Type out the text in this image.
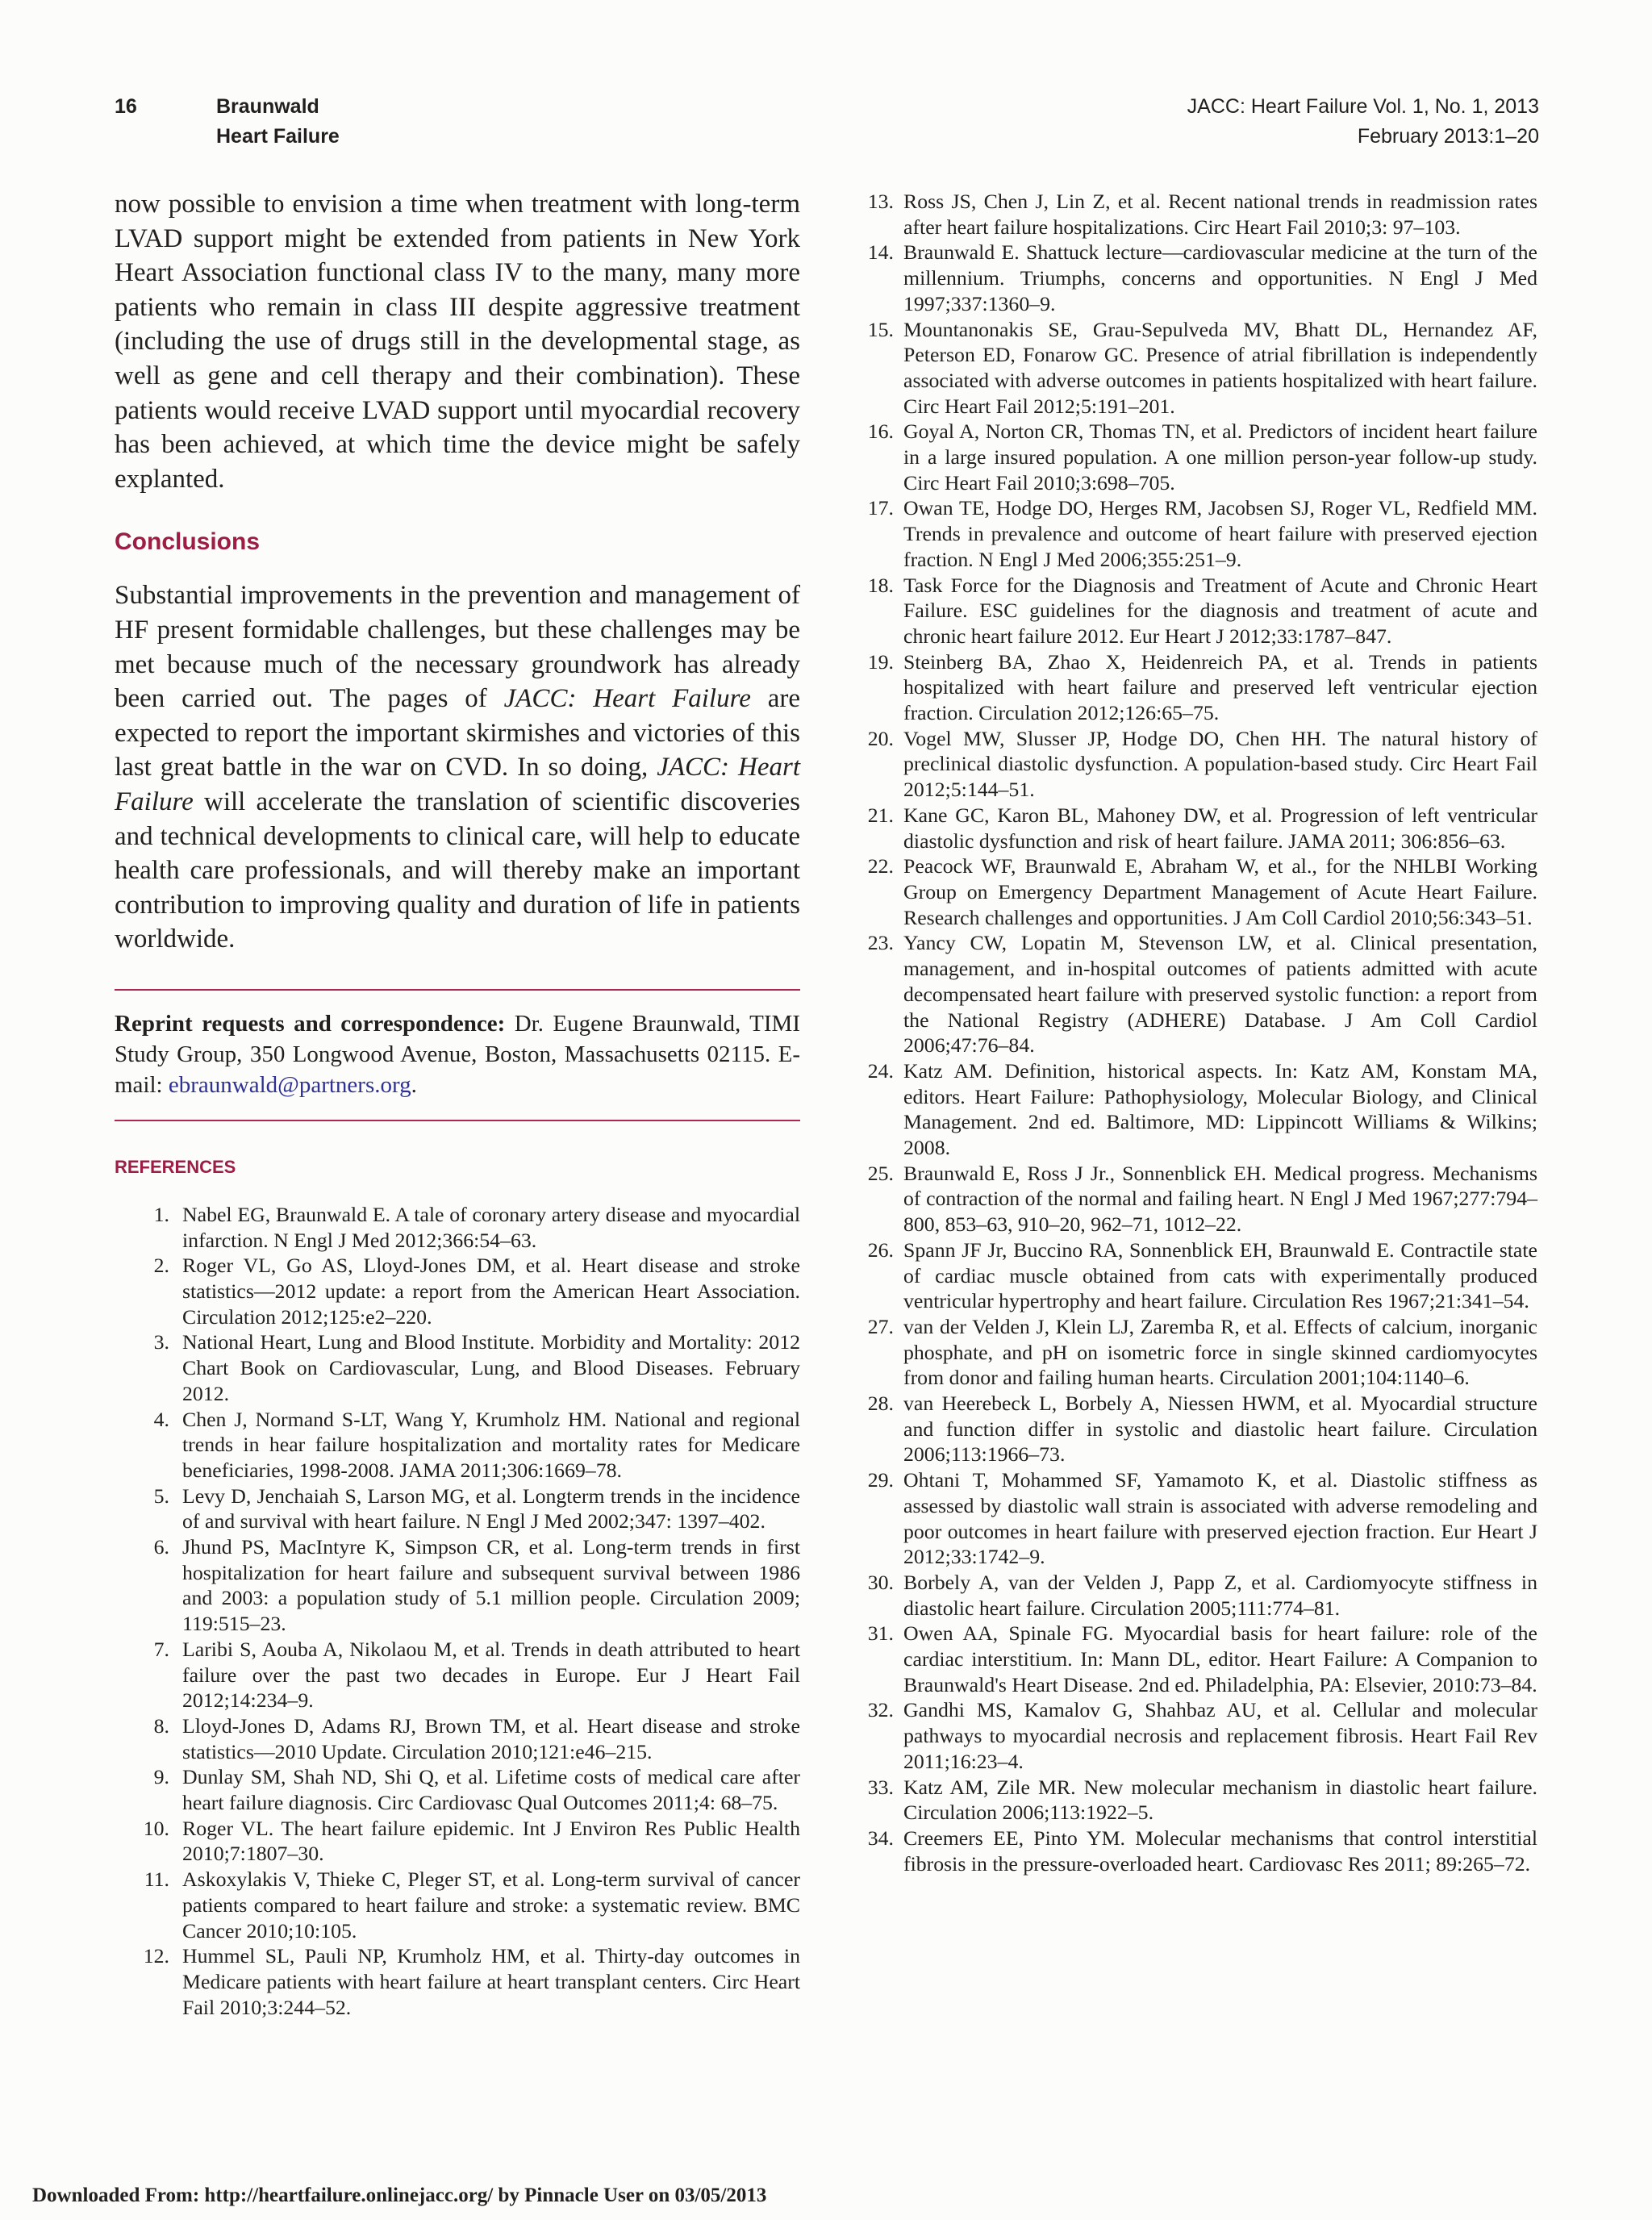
16	Braunwald
Heart Failure
JACC: Heart Failure Vol. 1, No. 1, 2013
February 2013:1–20

now possible to envision a time when treatment with long-term LVAD support might be extended from patients in New York Heart Association functional class IV to the many, many more patients who remain in class III despite aggressive treatment (including the use of drugs still in the developmental stage, as well as gene and cell therapy and their combination). These patients would receive LVAD support until myocardial recovery has been achieved, at which time the device might be safely explanted.

Conclusions

Substantial improvements in the prevention and management of HF present formidable challenges, but these challenges may be met because much of the necessary groundwork has already been carried out. The pages of JACC: Heart Failure are expected to report the important skirmishes and victories of this last great battle in the war on CVD. In so doing, JACC: Heart Failure will accelerate the translation of scientific discoveries and technical developments to clinical care, will help to educate health care professionals, and will thereby make an important contribution to improving quality and duration of life in patients worldwide.

Reprint requests and correspondence: Dr. Eugene Braunwald, TIMI Study Group, 350 Longwood Avenue, Boston, Massachusetts 02115. E-mail: ebraunwald@partners.org.

REFERENCES
1. Nabel EG, Braunwald E. A tale of coronary artery disease and myocardial infarction. N Engl J Med 2012;366:54–63.
2. Roger VL, Go AS, Lloyd-Jones DM, et al. Heart disease and stroke statistics—2012 update: a report from the American Heart Association. Circulation 2012;125:e2–220.
3. National Heart, Lung and Blood Institute. Morbidity and Mortality: 2012 Chart Book on Cardiovascular, Lung, and Blood Diseases. February 2012.
4. Chen J, Normand S-LT, Wang Y, Krumholz HM. National and regional trends in hear failure hospitalization and mortality rates for Medicare beneficiaries, 1998-2008. JAMA 2011;306:1669–78.
5. Levy D, Jenchaiah S, Larson MG, et al. Longterm trends in the incidence of and survival with heart failure. N Engl J Med 2002;347: 1397–402.
6. Jhund PS, MacIntyre K, Simpson CR, et al. Long-term trends in first hospitalization for heart failure and subsequent survival between 1986 and 2003: a population study of 5.1 million people. Circulation 2009; 119:515–23.
7. Laribi S, Aouba A, Nikolaou M, et al. Trends in death attributed to heart failure over the past two decades in Europe. Eur J Heart Fail 2012;14:234–9.
8. Lloyd-Jones D, Adams RJ, Brown TM, et al. Heart disease and stroke statistics—2010 Update. Circulation 2010;121:e46–215.
9. Dunlay SM, Shah ND, Shi Q, et al. Lifetime costs of medical care after heart failure diagnosis. Circ Cardiovasc Qual Outcomes 2011;4: 68–75.
10. Roger VL. The heart failure epidemic. Int J Environ Res Public Health 2010;7:1807–30.
11. Askoxylakis V, Thieke C, Pleger ST, et al. Long-term survival of cancer patients compared to heart failure and stroke: a systematic review. BMC Cancer 2010;10:105.
12. Hummel SL, Pauli NP, Krumholz HM, et al. Thirty-day outcomes in Medicare patients with heart failure at heart transplant centers. Circ Heart Fail 2010;3:244–52.
13. Ross JS, Chen J, Lin Z, et al. Recent national trends in readmission rates after heart failure hospitalizations. Circ Heart Fail 2010;3: 97–103.
14. Braunwald E. Shattuck lecture—cardiovascular medicine at the turn of the millennium. Triumphs, concerns and opportunities. N Engl J Med 1997;337:1360–9.
15. Mountanonakis SE, Grau-Sepulveda MV, Bhatt DL, Hernandez AF, Peterson ED, Fonarow GC. Presence of atrial fibrillation is independently associated with adverse outcomes in patients hospitalized with heart failure. Circ Heart Fail 2012;5:191–201.
16. Goyal A, Norton CR, Thomas TN, et al. Predictors of incident heart failure in a large insured population. A one million person-year follow-up study. Circ Heart Fail 2010;3:698–705.
17. Owan TE, Hodge DO, Herges RM, Jacobsen SJ, Roger VL, Redfield MM. Trends in prevalence and outcome of heart failure with preserved ejection fraction. N Engl J Med 2006;355:251–9.
18. Task Force for the Diagnosis and Treatment of Acute and Chronic Heart Failure. ESC guidelines for the diagnosis and treatment of acute and chronic heart failure 2012. Eur Heart J 2012;33:1787–847.
19. Steinberg BA, Zhao X, Heidenreich PA, et al. Trends in patients hospitalized with heart failure and preserved left ventricular ejection fraction. Circulation 2012;126:65–75.
20. Vogel MW, Slusser JP, Hodge DO, Chen HH. The natural history of preclinical diastolic dysfunction. A population-based study. Circ Heart Fail 2012;5:144–51.
21. Kane GC, Karon BL, Mahoney DW, et al. Progression of left ventricular diastolic dysfunction and risk of heart failure. JAMA 2011; 306:856–63.
22. Peacock WF, Braunwald E, Abraham W, et al., for the NHLBI Working Group on Emergency Department Management of Acute Heart Failure. Research challenges and opportunities. J Am Coll Cardiol 2010;56:343–51.
23. Yancy CW, Lopatin M, Stevenson LW, et al. Clinical presentation, management, and in-hospital outcomes of patients admitted with acute decompensated heart failure with preserved systolic function: a report from the National Registry (ADHERE) Database. J Am Coll Cardiol 2006;47:76–84.
24. Katz AM. Definition, historical aspects. In: Katz AM, Konstam MA, editors. Heart Failure: Pathophysiology, Molecular Biology, and Clinical Management. 2nd ed. Baltimore, MD: Lippincott Williams & Wilkins; 2008.
25. Braunwald E, Ross J Jr., Sonnenblick EH. Medical progress. Mechanisms of contraction of the normal and failing heart. N Engl J Med 1967;277:794–800, 853–63, 910–20, 962–71, 1012–22.
26. Spann JF Jr, Buccino RA, Sonnenblick EH, Braunwald E. Contractile state of cardiac muscle obtained from cats with experimentally produced ventricular hypertrophy and heart failure. Circulation Res 1967;21:341–54.
27. van der Velden J, Klein LJ, Zaremba R, et al. Effects of calcium, inorganic phosphate, and pH on isometric force in single skinned cardiomyocytes from donor and failing human hearts. Circulation 2001;104:1140–6.
28. van Heerebeck L, Borbely A, Niessen HWM, et al. Myocardial structure and function differ in systolic and diastolic heart failure. Circulation 2006;113:1966–73.
29. Ohtani T, Mohammed SF, Yamamoto K, et al. Diastolic stiffness as assessed by diastolic wall strain is associated with adverse remodeling and poor outcomes in heart failure with preserved ejection fraction. Eur Heart J 2012;33:1742–9.
30. Borbely A, van der Velden J, Papp Z, et al. Cardiomyocyte stiffness in diastolic heart failure. Circulation 2005;111:774–81.
31. Owen AA, Spinale FG. Myocardial basis for heart failure: role of the cardiac interstitium. In: Mann DL, editor. Heart Failure: A Companion to Braunwald's Heart Disease. 2nd ed. Philadelphia, PA: Elsevier, 2010:73–84.
32. Gandhi MS, Kamalov G, Shahbaz AU, et al. Cellular and molecular pathways to myocardial necrosis and replacement fibrosis. Heart Fail Rev 2011;16:23–4.
33. Katz AM, Zile MR. New molecular mechanism in diastolic heart failure. Circulation 2006;113:1922–5.
34. Creemers EE, Pinto YM. Molecular mechanisms that control interstitial fibrosis in the pressure-overloaded heart. Cardiovasc Res 2011; 89:265–72.
Downloaded From: http://heartfailure.onlinejacc.org/ by Pinnacle User on 03/05/2013
